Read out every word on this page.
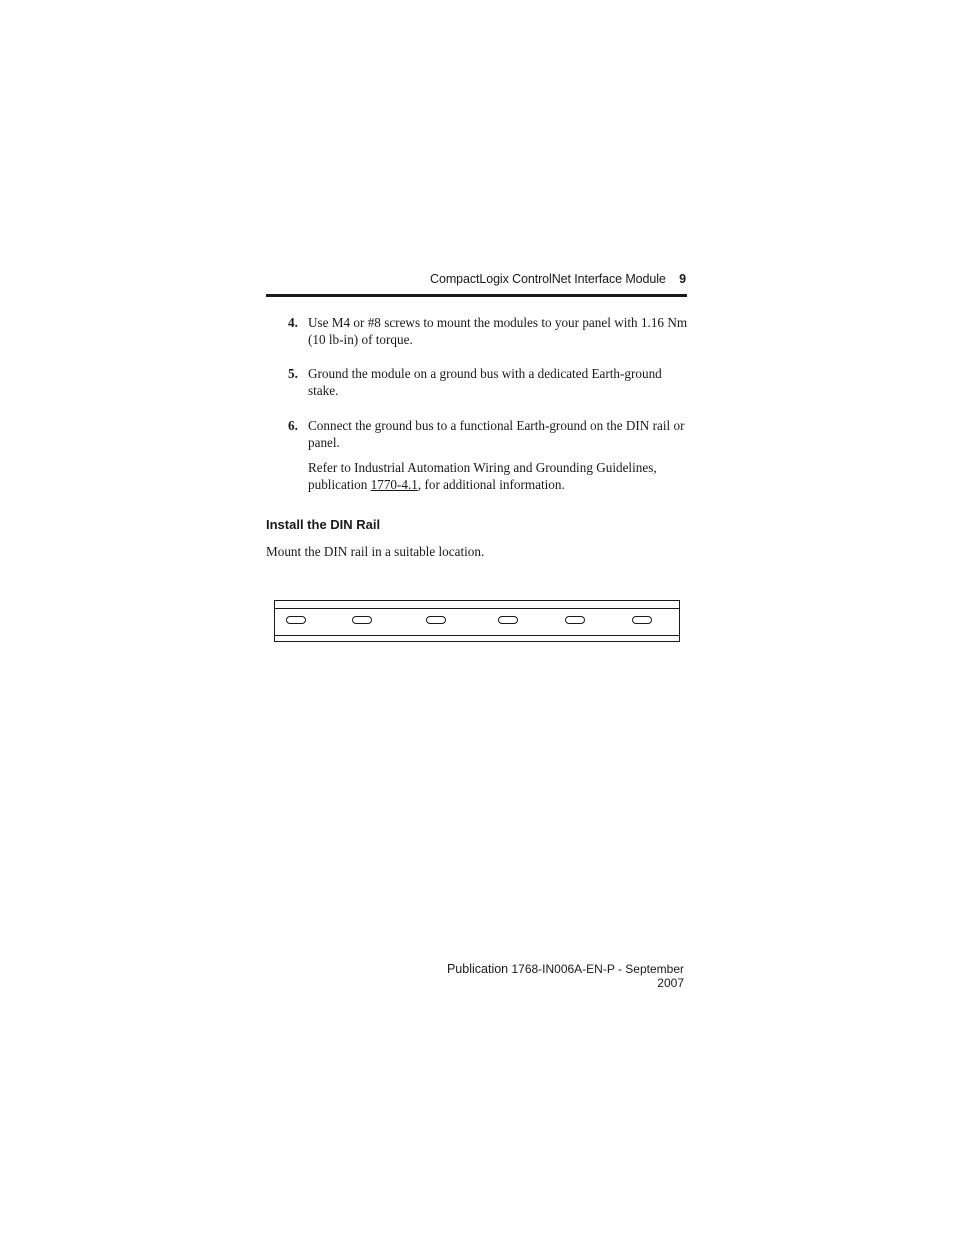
CompactLogix ControlNet Interface Module 9
4. Use M4 or #8 screws to mount the modules to your panel with 1.16 Nm (10 lb-in) of torque.
5. Ground the module on a ground bus with a dedicated Earth-ground stake.
6. Connect the ground bus to a functional Earth-ground on the DIN rail or panel.
Refer to Industrial Automation Wiring and Grounding Guidelines, publication 1770-4.1, for additional information.
Install the DIN Rail
Mount the DIN rail in a suitable location.
Publication 1768-IN006A-EN-P - September 2007
